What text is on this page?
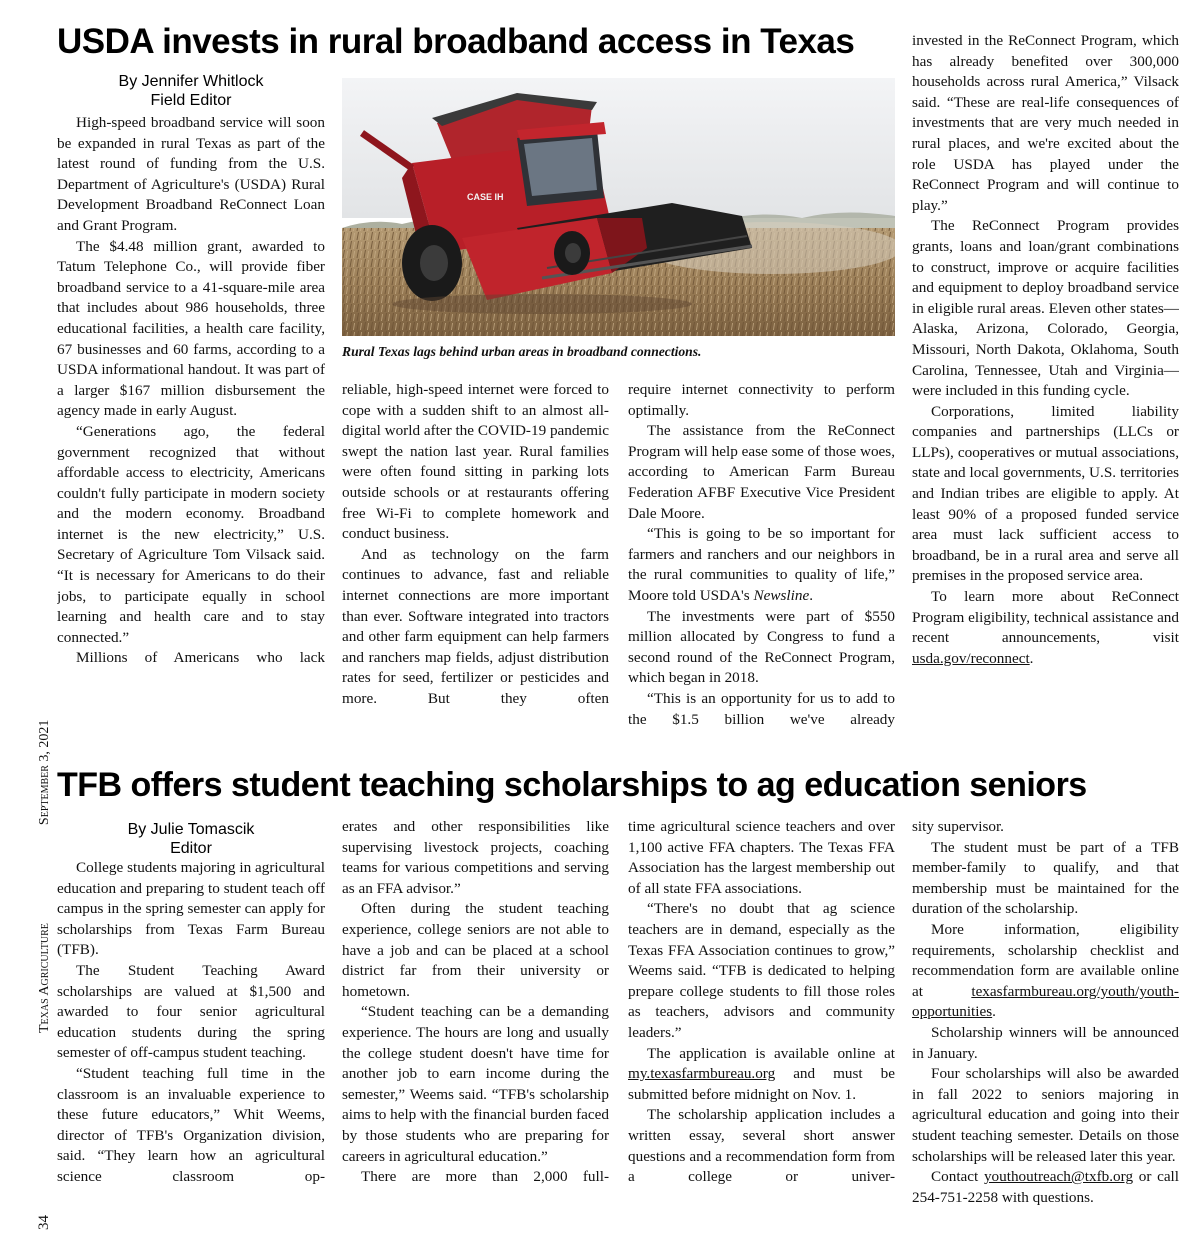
USDA invests in rural broadband access in Texas
By Jennifer Whitlock
Field Editor

High-speed broadband service will soon be expanded in rural Texas as part of the latest round of funding from the U.S. Department of Agriculture's (USDA) Rural Development Broadband ReConnect Loan and Grant Program.

The $4.48 million grant, awarded to Tatum Telephone Co., will provide fiber broadband service to a 41-square-mile area that includes about 986 households, three educational facilities, a health care facility, 67 businesses and 60 farms, according to a USDA informational handout. It was part of a larger $167 million disbursement the agency made in early August.

“Generations ago, the federal government recognized that without affordable access to electricity, Americans couldn't fully participate in modern society and the modern economy. Broadband internet is the new electricity,” U.S. Secretary of Agriculture Tom Vilsack said. “It is necessary for Americans to do their jobs, to participate equally in school learning and health care and to stay connected.”

Millions of Americans who lack

CASE IH
Rural Texas lags behind urban areas in broadband connections.

reliable, high-speed internet were forced to cope with a sudden shift to an almost all-digital world after the COVID-19 pandemic swept the nation last year. Rural families were often found sitting in parking lots outside schools or at restaurants offering free Wi-Fi to complete homework and conduct business.

And as technology on the farm continues to advance, fast and reliable internet connections are more important than ever. Software integrated into tractors and other farm equipment can help farmers and ranchers map fields, adjust distribution rates for seed, fertilizer or pesticides and more. But they often

require internet connectivity to perform optimally.

The assistance from the ReConnect Program will help ease some of those woes, according to American Farm Bureau Federation AFBF Executive Vice President Dale Moore.

“This is going to be so important for farmers and ranchers and our neighbors in the rural communities to quality of life,” Moore told USDA's Newsline.

The investments were part of $550 million allocated by Congress to fund a second round of the ReConnect Program, which began in 2018.

“This is an opportunity for us to add to the $1.5 billion we've already

invested in the ReConnect Program, which has already benefited over 300,000 households across rural America,” Vilsack said. “These are real-life consequences of investments that are very much needed in rural places, and we're excited about the role USDA has played under the ReConnect Program and will continue to play.”

The ReConnect Program provides grants, loans and loan/grant combinations to construct, improve or acquire facilities and equipment to deploy broadband service in eligible rural areas. Eleven other states—Alaska, Arizona, Colorado, Georgia, Missouri, North Dakota, Oklahoma, South Carolina, Tennessee, Utah and Virginia—were included in this funding cycle.

Corporations, limited liability companies and partnerships (LLCs or LLPs), cooperatives or mutual associations, state and local governments, U.S. territories and Indian tribes are eligible to apply. At least 90% of a proposed funded service area must lack sufficient access to broadband, be in a rural area and serve all premises in the proposed service area.

To learn more about ReConnect Program eligibility, technical assistance and recent announcements, visit usda.gov/reconnect.

TFB offers student teaching scholarships to ag education seniors
By Julie Tomascik
Editor

College students majoring in agricultural education and preparing to student teach off campus in the spring semester can apply for scholarships from Texas Farm Bureau (TFB).

The Student Teaching Award scholarships are valued at $1,500 and awarded to four senior agricultural education students during the spring semester of off-campus student teaching.

“Student teaching full time in the classroom is an invaluable experience to these future educators,” Whit Weems, director of TFB's Organization division, said. “They learn how an agricultural science classroom op-

erates and other responsibilities like supervising livestock projects, coaching teams for various competitions and serving as an FFA advisor.”

Often during the student teaching experience, college seniors are not able to have a job and can be placed at a school district far from their university or hometown.

“Student teaching can be a demanding experience. The hours are long and usually the college student doesn't have time for another job to earn income during the semester,” Weems said. “TFB's scholarship aims to help with the financial burden faced by those students who are preparing for careers in agricultural education.”

There are more than 2,000 full-

time agricultural science teachers and over 1,100 active FFA chapters. The Texas FFA Association has the largest membership out of all state FFA associations.

“There's no doubt that ag science teachers are in demand, especially as the Texas FFA Association continues to grow,” Weems said. “TFB is dedicated to helping prepare college students to fill those roles as teachers, advisors and community leaders.”

The application is available online at my.texasfarmbureau.org and must be submitted before midnight on Nov. 1.

The scholarship application includes a written essay, several short answer questions and a recommendation form from a college or univer-

sity supervisor.

The student must be part of a TFB member-family to qualify, and that membership must be maintained for the duration of the scholarship.

More information, eligibility requirements, scholarship checklist and recommendation form are available online at texasfarmbureau.org/youth/youth-opportunities.

Scholarship winners will be announced in January.

Four scholarships will also be awarded in fall 2022 to seniors majoring in agricultural education and going into their student teaching semester. Details on those scholarships will be released later this year.

Contact youthoutreach@txfb.org or call 254-751-2258 with questions.

34Texas AgricultureSeptember 3, 2021
